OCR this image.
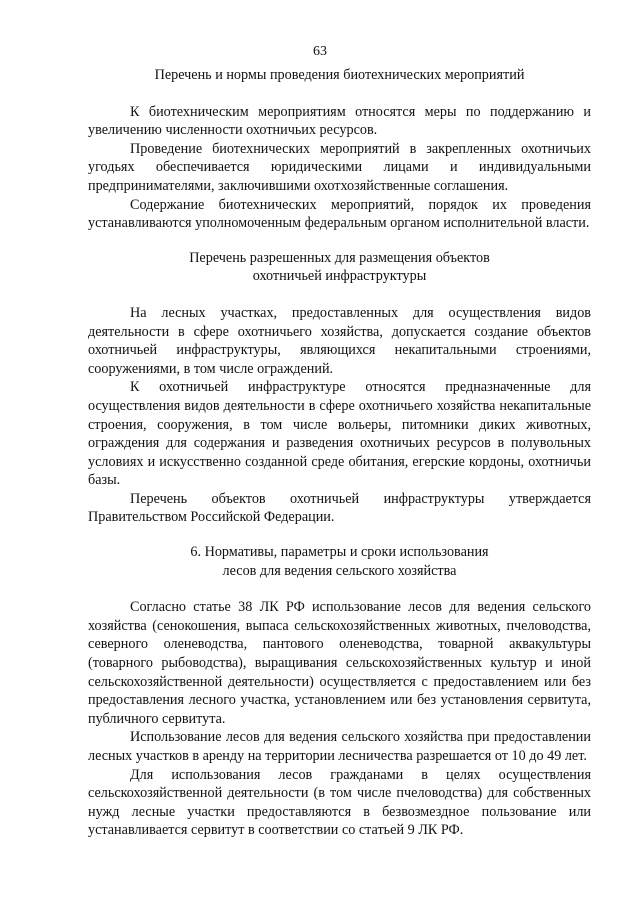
63
Перечень и нормы проведения биотехнических мероприятий

К биотехническим мероприятиям относятся меры по поддержанию и увеличению численности охотничьих ресурсов.

Проведение биотехнических мероприятий в закрепленных охотничьих угодьях обеспечивается юридическими лицами и индивидуальными предпринимателями, заключившими охотхозяйственные соглашения.

Содержание биотехнических мероприятий, порядок их проведения устанавливаются уполномоченным федеральным органом исполнительной власти.

Перечень разрешенных для размещения объектов
охотничьей инфраструктуры

На лесных участках, предоставленных для осуществления видов деятельности в сфере охотничьего хозяйства, допускается создание объектов охотничьей инфраструктуры, являющихся некапитальными строениями, сооружениями, в том числе ограждений.

К охотничьей инфраструктуре относятся предназначенные для осуществления видов деятельности в сфере охотничьего хозяйства некапитальные строения, сооружения, в том числе вольеры, питомники диких животных, ограждения для содержания и разведения охотничьих ресурсов в полувольных условиях и искусственно созданной среде обитания, егерские кордоны, охотничьи базы.

Перечень объектов охотничьей инфраструктуры утверждается Правительством Российской Федерации.

6. Нормативы, параметры и сроки использования
лесов для ведения сельского хозяйства

Согласно статье 38 ЛК РФ использование лесов для ведения сельского хозяйства (сенокошения, выпаса сельскохозяйственных животных, пчеловодства, северного оленеводства, пантового оленеводства, товарной аквакультуры (товарного рыбоводства), выращивания сельскохозяйственных культур и иной сельскохозяйственной деятельности) осуществляется с предоставлением или без предоставления лесного участка, установлением или без установления сервитута, публичного сервитута.

Использование лесов для ведения сельского хозяйства при предоставлении лесных участков в аренду на территории лесничества разрешается от 10 до 49 лет.

Для использования лесов гражданами в целях осуществления сельскохозяйственной деятельности (в том числе пчеловодства) для собственных нужд лесные участки предоставляются в безвозмездное пользование или устанавливается сервитут в соответствии со статьей 9 ЛК РФ.
